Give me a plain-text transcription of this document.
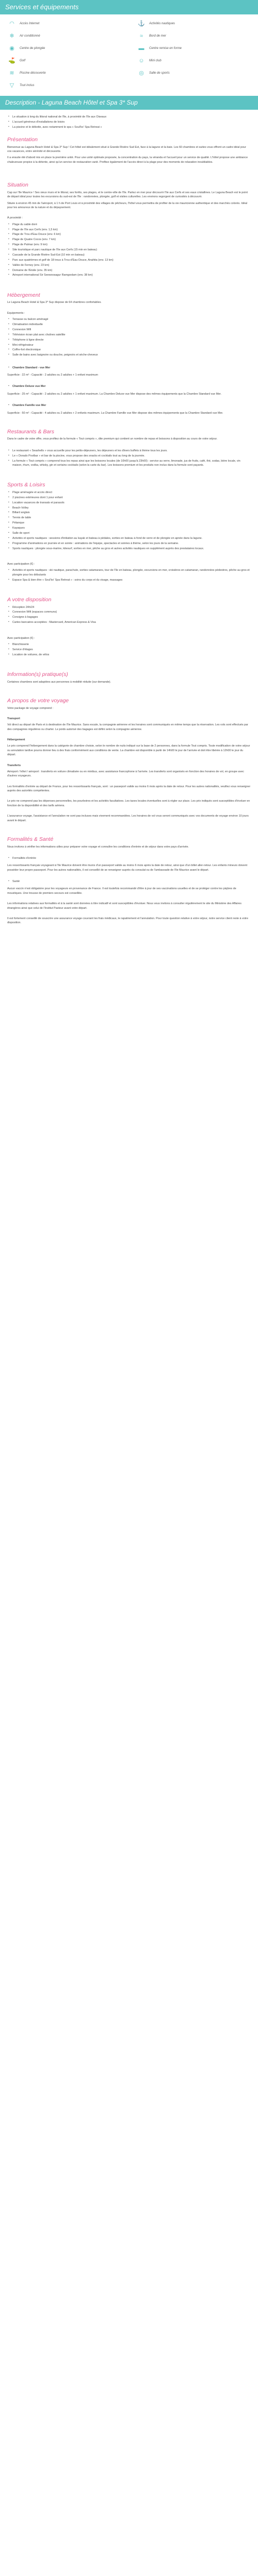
Services et équipements
◠	Accès Internet	⚓	Activités nautiques
❄	Air conditionné	≈	Bord de mer
◉	Centre de plongée	▬	Centre remise en forme
⛳	Golf	☺	Mini club
≋	Piscine découverte	◎	Salle de sports
▽	Tout inclus
Description - Laguna Beach Hôtel et Spa 3* Sup
▪ Le situation à long du littoral national de l'Ile, à proximité de l'île aux Oiseaux
▪ L'accueil généreux d'installations de loisirs
▪ La piscine et le débotte, avec notamment le spa « Soul'ko' Spa Retreat »
Présentation

Bienvenue au Laguna Beach Hotel & Spa 3* Sup ! Cet hôtel est idéalement situé à Grande Rivière Sud Est, face à la lagune et la baie. Les 60 chambres et suites vous offrent un cadre idéal pour vos vacances, entre sérénité et découverte.

Il a ensuite été d'abord mis en place la première unité. Pour une unité optimale proposée, la concentration du pays, la véranda et l'accueil pour un service de qualité. L'hôtel propose une ambiance chaleureuse propice à la détente, ainsi qu'un service de restauration varié. Profitez également de l'accès direct à la plage pour des moments de relaxation inoubliables.

Situation

Cap sur l'Ile Maurice ! Ses vieux murs et le littoral, ses forêts, ses plages, et le centre-ville de l'île. Partez en mer pour découvrir l'Ile aux Cerfs et ses eaux cristallines. Le Laguna Beach est le point de départ idéal pour toutes les excursions du sud-est de l'île : randonnées, plongée, golf et visites culturelles. Les environs regorgent de curiosités à découvrir.

Située à environ 45 min de l'aéroport, à 1 h de Port Louis et à proximité des villages de pêcheurs, l'hôtel vous permettra de profiter de la vie mauricienne authentique et des marchés colorés. Idéal pour les amoureux de la nature et du dépaysement.

À proximité :

▪ Plage du sable doré
▪ Plage de l'Ile aux Cerfs (env. 1,5 km)
▪ Plage de Trou d'Eau Douce (env. 6 km)
▪ Plage de Quatre Cocos (env. 7 km)
▪ Plage de Palmar (env. 9 km)
▪ Site touristique et parc nautique de l'Ile aux Cerfs (15 min en bateau)
▪ Cascade de la Grande Rivière Sud-Est (10 min en bateau)
▪ Parc aux quatrièmes et golf de 18 trous à Trou-d'Eau-Douce, Anahita (env. 13 km)
▪ Vallée de Ferney (env. 23 km)
▪ Domaine de l'Etoile (env. 35 km)
▪ Aéroport international Sir Seewoosagur Ramgoolam (env. 38 km)
Hébergement

Le Laguna Beach Hotel & Spa 3* Sup dispose de 64 chambres confortables.

Equipements :

▪ Terrasse ou balcon aménagé
▪ Climatisation individuelle
▪ Connexion Wifi
▪ Télévision écran plat avec chaînes satellite
▪ Téléphone à ligne directe
▪ Mini réfrigérateur
▪ Coffre-fort électronique
▪ Salle de bains avec baignoire ou douche, peignoirs et sèche-cheveux
▪ Chambre Standard - vue Mer

Superficie : 22 m² - Capacité : 2 adultes ou 2 adultes + 1 enfant maximum

▪ Chambre Deluxe vue Mer

Superficie : 25 m² - Capacité : 2 adultes ou 2 adultes + 1 enfant maximum. La Chambre Deluxe vue Mer dispose des mêmes équipements que la Chambre Standard vue Mer.

▪ Chambre Famille vue Mer

Superficie : 50 m² - Capacité : 4 adultes ou 2 adultes + 2 enfants maximum. La Chambre Famille vue Mer dispose des mêmes équipements que la Chambre Standard vue Mer.

Restaurants & Bars

Dans le cadre de votre offre, vous profitez de la formule « Tout compris », dite premium qui contient un nombre de repas et boissons à disposition au cours de votre séjour.

▪ Le restaurant « Seashells » vous accueille pour les petits-déjeuners, les déjeuners et les dîners buffets à thème tous les jours.
▪ Le « Dorado Poolbar » et bar de la piscine, vous propose des snacks et cocktails tout au long de la journée.
▪ La formule « Tout compris » comprend tous les repas ainsi que les boissons locales (de 10h00 jusqu'à 23h00) : service au verre, limonade, jus de fruits, café, thé, sodas, bière locale, vin maison, rhum, vodka, whisky, gin et certains cocktails (selon la carte du bar). Les boissons premium et les produits non inclus dans la formule sont payants.
Sports & Loisirs
▪ Plage aménagée et accès direct
▪ 2 piscines extérieures dont 1 pour enfant
▪ Location vacances de transats et parasols
▪ Beach-Volley
▪ Billard anglais
▪ Tennis de table
▪ Pétanque
▪ Kayaques
▪ Salle de sport
▪ Activités et sports nautiques : sessions d'initiation au kayak et bateau à pédales, sorties en bateau à fond de verre et de plongée en apnée dans la lagune.
▪ Programme d'animations en journée et en soirée : animations de l'équipe, spectacles et soirées à thème, selon les jours de la semaine.
▪ Sports nautiques : plongée sous-marine, kitesurf, sorties en mer, pêche au gros et autres activités nautiques en supplément auprès des prestataires locaux.

Avec participation (€) :

▪ Activités et sports nautiques : ski nautique, parachute, sorties catamarans, tour de l'île en bateau, plongée, excursions en mer, croisières en catamaran, randonnées pédestres, pêche au gros et plongée pour les débutants
▪ Espace Spa & bien être « Soul'ko' Spa Retreat » : soins du corps et du visage, massages
A votre disposition
▪ Réception 24h/24
▪ Connexion Wifi (espaces communs)
▪ Consigne à bagages
▪ Cartes bancaires acceptées : Mastercard, American Express & Visa

Avec participation (€) :

▪ Blanchisserie
▪ Service d'étages
▪ Location de voitures, de vélos
Information(s) pratique(s)

Certaines chambres sont adaptées aux personnes à mobilité réduite (sur demande).

A propos de votre voyage

Votre package de voyage comprend :

Transport

Vol direct au départ de Paris et à destination de l'Ile Maurice. Sans escale, la compagnie aérienne et les horaires sont communiqués en même temps que la réservation. Les vols sont effectués par des compagnies régulières ou charter. Le poids autorisé des bagages est défini selon la compagnie aérienne.

Hébergement

Le prix comprend l'hébergement dans la catégorie de chambre choisie, selon le nombre de nuits indiqué sur la base de 2 personnes, dans la formule Tout compris. Toute modification de votre séjour ou annulation tardive pourra donner lieu à des frais conformément aux conditions de vente. La chambre est disponible à partir de 14h00 le jour de l'arrivée et doit être libérée à 12h00 le jour du départ.

Transferts

Aéroport / hôtel / aéroport : transferts en voiture climatisée ou en minibus, avec assistance francophone à l'arrivée. Les transferts sont organisés en fonction des horaires de vol, en groupe avec d'autres voyageurs.

Les formalités d'entrée au départ de France, pour les ressortissants français, sont : un passeport valide au moins 6 mois après la date de retour. Pour les autres nationalités, veuillez vous renseigner auprès des autorités compétentes.

Le prix ne comprend pas les dépenses personnelles, les pourboires et les activités facultatives. Les taxes locales éventuelles sont à régler sur place. Les prix indiqués sont susceptibles d'évoluer en fonction de la disponibilité et des tarifs aériens.

L'assurance voyage, l'assistance et l'annulation ne sont pas incluses mais vivement recommandées. Les horaires de vol vous seront communiqués avec vos documents de voyage environ 10 jours avant le départ.

Formalités & Santé

Nous invitons à vérifier les informations utiles pour préparer votre voyage et connaître les conditions d'entrée et de séjour dans votre pays d'arrivée.

▪ Formalités d'entrée

Les ressortissants français voyageant à l'Ile Maurice doivent être munis d'un passeport valide au moins 6 mois après la date de retour, ainsi que d'un billet aller-retour. Les enfants mineurs doivent posséder leur propre passeport. Pour les autres nationalités, il est conseillé de se renseigner auprès du consulat ou de l'ambassade de l'Ile Maurice avant le départ.

▪ Santé

Aucun vaccin n'est obligatoire pour les voyageurs en provenance de France. Il est toutefois recommandé d'être à jour de ses vaccinations usuelles et de se protéger contre les piqûres de moustiques. Une trousse de premiers secours est conseillée.

Les informations relatives aux formalités et à la santé sont données à titre indicatif et sont susceptibles d'évoluer. Nous vous invitons à consulter régulièrement le site du Ministère des Affaires étrangères ainsi que celui de l'Institut Pasteur avant votre départ.

Il est fortement conseillé de souscrire une assurance voyage couvrant les frais médicaux, le rapatriement et l'annulation. Pour toute question relative à votre séjour, notre service client reste à votre disposition.
